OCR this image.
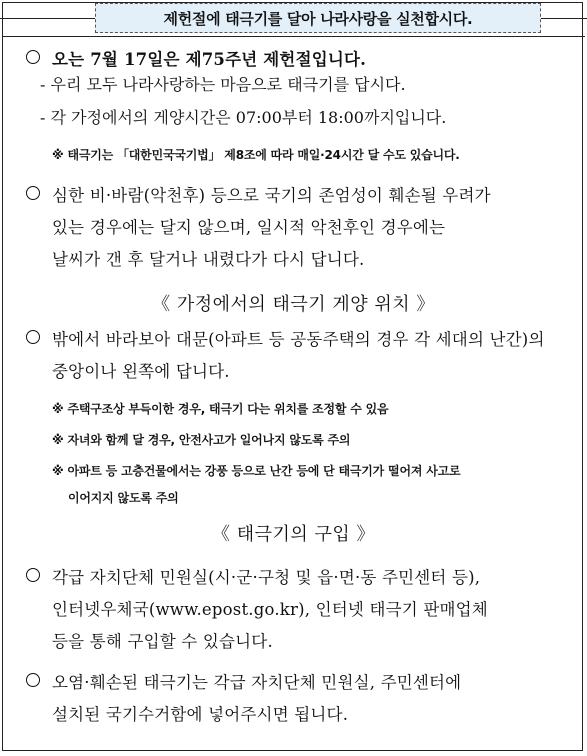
제헌절에 태극기를 달아 나라사랑을 실천합시다.
오는 7월 17일은 제75주년 제헌절입니다.
- 우리 모두 나라사랑하는 마음으로 태극기를 답시다.
- 각 가정에서의 게양시간은 07:00부터 18:00까지입니다.
※ 태극기는 「대한민국국기법」 제8조에 따라 매일·24시간 달 수도 있습니다.
심한 비·바람(악천후) 등으로 국기의 존엄성이 훼손될 우려가
있는 경우에는 달지 않으며, 일시적 악천후인 경우에는
날씨가 갠 후 달거나 내렸다가 다시 답니다.
《 가정에서의 태극기 게양 위치 》
밖에서 바라보아 대문(아파트 등 공동주택의 경우 각 세대의 난간)의
중앙이나 왼쪽에 답니다.
※ 주택구조상 부득이한 경우, 태극기 다는 위치를 조정할 수 있음
※ 자녀와 함께 달 경우, 안전사고가 일어나지 않도록 주의
※ 아파트 등 고층건물에서는 강풍 등으로 난간 등에 단 태극기가 떨어져 사고로
이어지지 않도록 주의
《 태극기의 구입 》
각급 자치단체 민원실(시·군·구청 및 읍·면·동 주민센터 등),
인터넷우체국(www.epost.go.kr), 인터넷 태극기 판매업체
등을 통해 구입할 수 있습니다.
오염·훼손된 태극기는 각급 자치단체 민원실, 주민센터에
설치된 국기수거함에 넣어주시면 됩니다.
